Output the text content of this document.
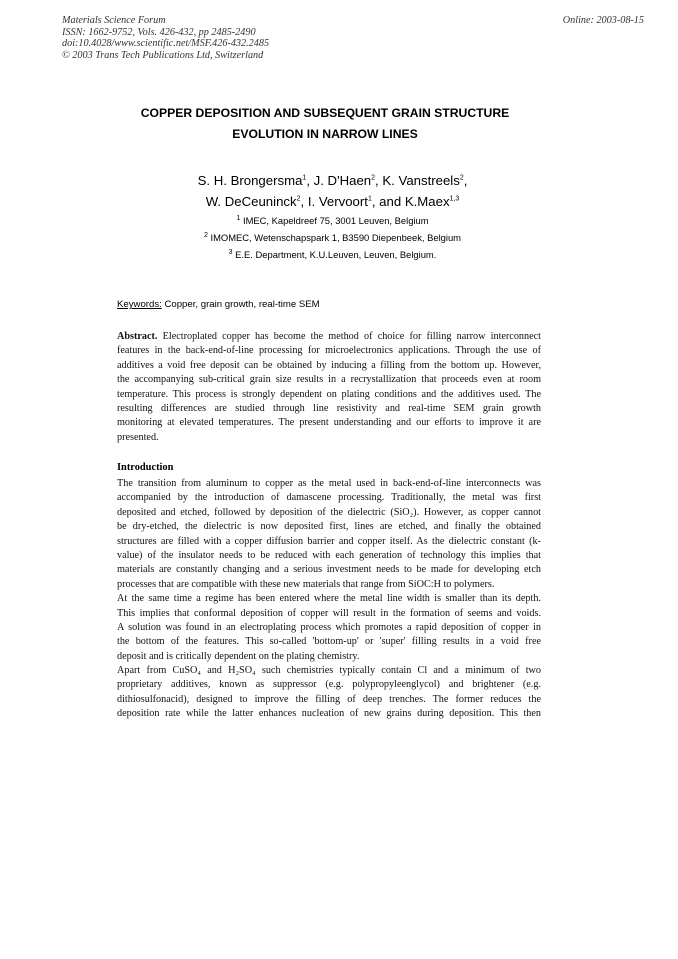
Materials Science Forum
ISSN: 1662-9752, Vols. 426-432, pp 2485-2490
doi:10.4028/www.scientific.net/MSF.426-432.2485
© 2003 Trans Tech Publications Ltd, Switzerland
Online: 2003-08-15
COPPER DEPOSITION AND SUBSEQUENT GRAIN STRUCTURE
EVOLUTION IN NARROW LINES
S. H. Brongersma$^1$, J. D'Haen$^2$, K. Vanstreels$^2$,
W. DeCeuninck$^2$, I. Vervoort$^1$, and K.Maex$^{1,3}$
$^1$ IMEC, Kapeldreef 75, 3001 Leuven, Belgium
$^2$ IMOMEC, Wetenschapspark 1, B3590 Diepenbeek, Belgium
$^3$ E.E. Department, K.U.Leuven, Leuven, Belgium.
Keywords: Copper, grain growth, real-time SEM
Abstract. Electroplated copper has become the method of choice for filling narrow interconnect
features in the back-end-of-line processing for microelectronics applications. Through the use of
additives a void free deposit can be obtained by inducing a filling from the bottom up. However,
the accompanying sub-critical grain size results in a recrystallization that proceeds even at room
temperature. This process is strongly dependent on plating conditions and the additives used. The
resulting differences are studied through line resistivity and real-time SEM grain growth
monitoring at elevated temperatures. The present understanding and our efforts to improve it are
presented.
Introduction
The transition from aluminum to copper as the metal used in back-end-of-line interconnects was
accompanied by the introduction of damascene processing. Traditionally, the metal was first
deposited and etched, followed by deposition of the dielectric (SiO₂). However, as copper cannot
be dry-etched, the dielectric is now deposited first, lines are etched, and finally the obtained
structures are filled with a copper diffusion barrier and copper itself. As the dielectric constant (k-
value) of the insulator needs to be reduced with each generation of technology this implies that
materials are constantly changing and a serious investment needs to be made for developing etch
processes that are compatible with these new materials that range from SiOC:H to polymers.
At the same time a regime has been entered where the metal line width is smaller than its depth.
This implies that conformal deposition of copper will result in the formation of seems and voids.
A solution was found in an electroplating process which promotes a rapid deposition of copper in
the bottom of the features. This so-called 'bottom-up' or 'super' filling results in a void free
deposit and is critically dependent on the plating chemistry.
Apart from CuSO₄ and H₂SO₄ such chemistries typically contain Cl and a minimum of two
proprietary additives, known as suppressor (e.g. polypropyleenglycol) and brightener (e.g.
dithiosulfonacid), designed to improve the filling of deep trenches. The former reduces the
deposition rate while the latter enhances nucleation of new grains during deposition. This then
